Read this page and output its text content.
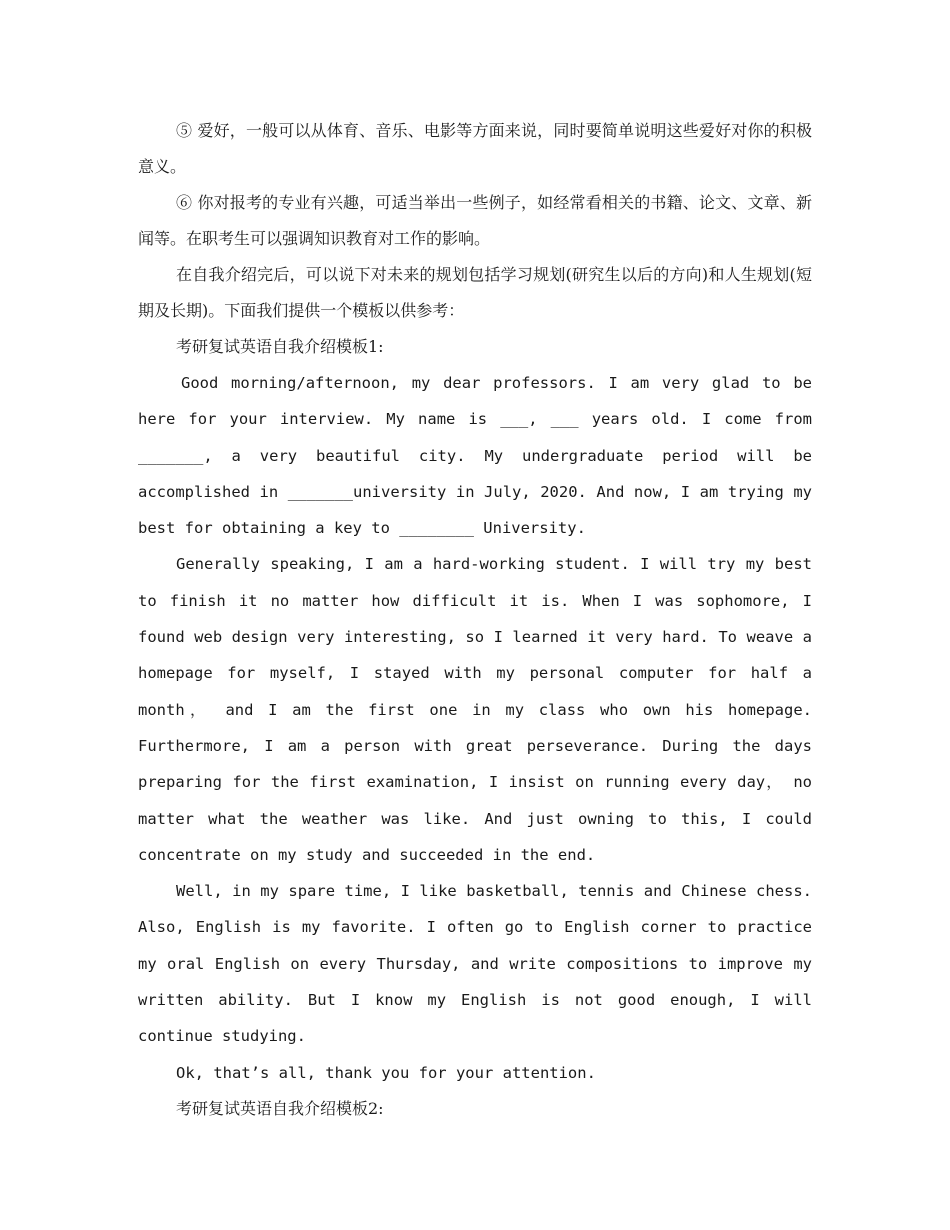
⑤ 爱好，一般可以从体育、音乐、电影等方面来说，同时要简单说明这些爱好对你的积极意义。

⑥ 你对报考的专业有兴趣，可适当举出一些例子，如经常看相关的书籍、论文、文章、新闻等。在职考生可以强调知识教育对工作的影响。

在自我介绍完后，可以说下对未来的规划包括学习规划(研究生以后的方向)和人生规划(短期及长期)。下面我们提供一个模板以供参考：

考研复试英语自我介绍模板1:

Good morning/afternoon, my dear professors. I am very glad to be here for your interview. My name is ___, ___ years old. I come from _______, a very beautiful city. My undergraduate period will be accomplished in _______university in July, 2020. And now, I am trying my best for obtaining a key to ________ University.

Generally speaking, I am a hard-working student. I will try my best to finish it no matter how difficult it is. When I was sophomore, I found web design very interesting, so I learned it very hard. To weave a homepage for myself, I stayed with my personal computer for half a month， and I am the first one in my class who own his homepage. Furthermore, I am a person with great perseverance. During the days preparing for the first examination, I insist on running every day， no matter what the weather was like. And just owning to this, I could concentrate on my study and succeeded in the end.

Well, in my spare time, I like basketball, tennis and Chinese chess. Also, English is my favorite. I often go to English corner to practice my oral English on every Thursday, and write compositions to improve my written ability. But I know my English is not good enough, I will continue studying.

Ok, that’s all, thank you for your attention.

考研复试英语自我介绍模板2:
